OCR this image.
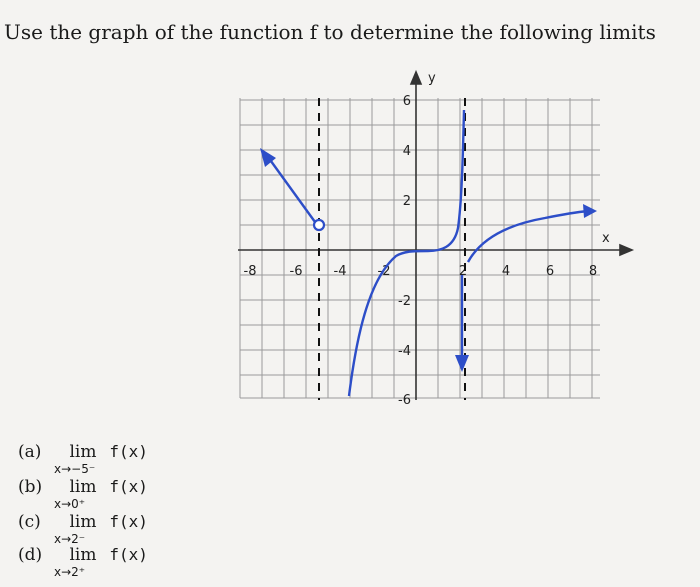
Use the graph of the function f to determine the following limits
x
y
-8	-6 -4 -2	2	4	6	8
6
4
2
-2
-4
-6
(a) lim f(x)
x→−5⁻
(b) lim f(x)
x→0⁺
(c) lim f(x)
x→2⁻
(d) lim f(x)
x→2⁺
